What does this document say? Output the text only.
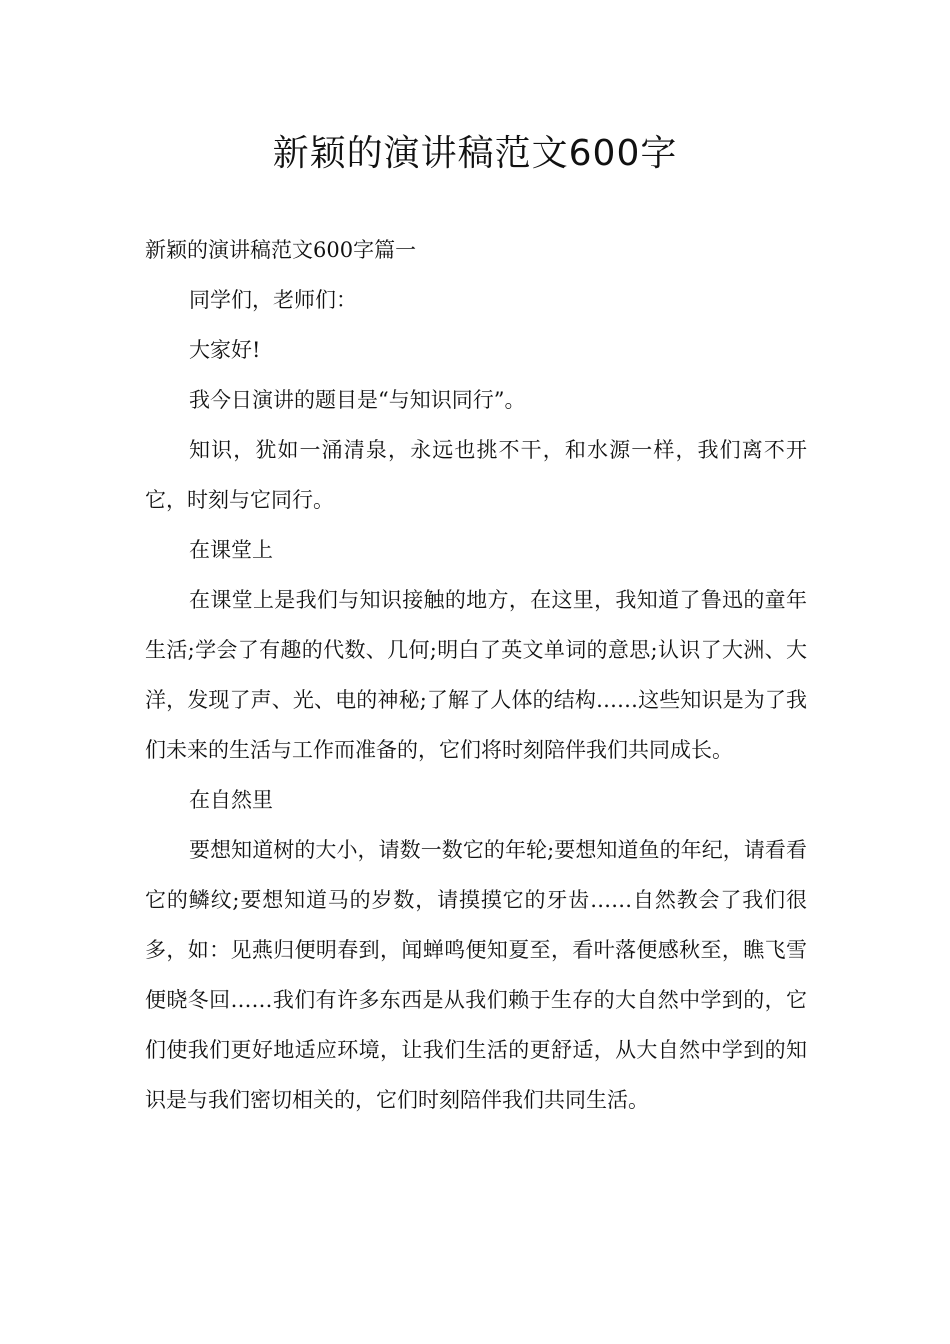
新颖的演讲稿范文600字

新颖的演讲稿范文600字篇一

同学们，老师们：

大家好!

我今日演讲的题目是“与知识同行”。

知识，犹如一涌清泉，永远也挑不干，和水源一样，我们离不开它，时刻与它同行。

在课堂上

在课堂上是我们与知识接触的地方，在这里，我知道了鲁迅的童年生活;学会了有趣的代数、几何;明白了英文单词的意思;认识了大洲、大洋，发现了声、光、电的神秘;了解了人体的结构……这些知识是为了我们未来的生活与工作而准备的，它们将时刻陪伴我们共同成长。

在自然里

要想知道树的大小，请数一数它的年轮;要想知道鱼的年纪，请看看它的鳞纹;要想知道马的岁数，请摸摸它的牙齿……自然教会了我们很多，如：见燕归便明春到，闻蝉鸣便知夏至，看叶落便感秋至，瞧飞雪便晓冬回……我们有许多东西是从我们赖于生存的大自然中学到的，它们使我们更好地适应环境，让我们生活的更舒适，从大自然中学到的知识是与我们密切相关的，它们时刻陪伴我们共同生活。
